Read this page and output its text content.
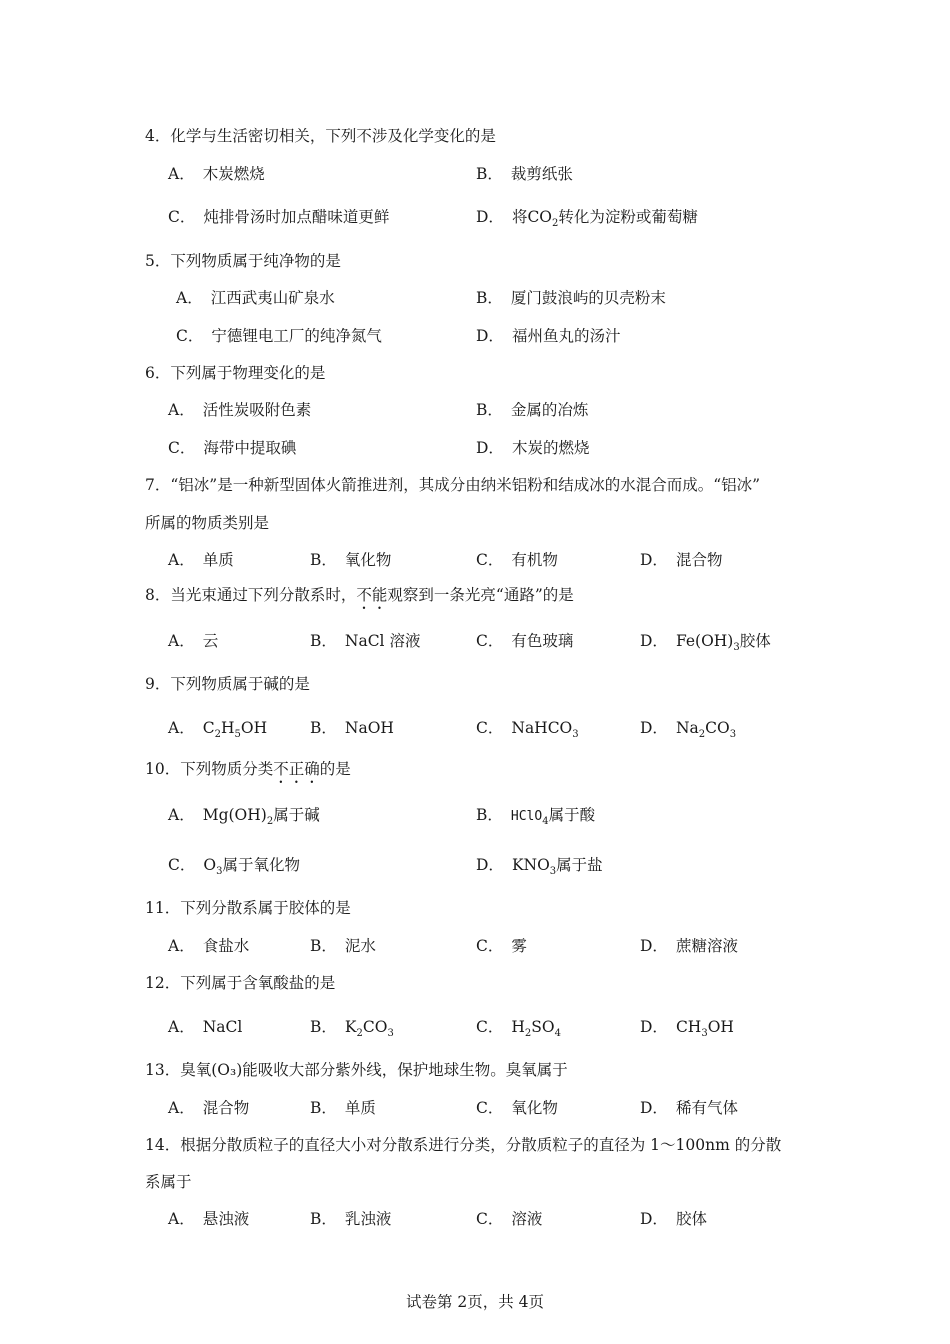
4．化学与生活密切相关，下列不涉及化学变化的是
A． 木炭燃烧	B． 裁剪纸张
C． 炖排骨汤时加点醋味道更鲜	D． 将$CO_2$转化为淀粉或葡萄糖
5．下列物质属于纯净物的是
A． 江西武夷山矿泉水	B． 厦门鼓浪屿的贝壳粉末
C． 宁德锂电工厂的纯净氮气	D． 福州鱼丸的汤汁
6．下列属于物理变化的是
A． 活性炭吸附色素	B． 金属的冶炼
C． 海带中提取碘	D． 木炭的燃烧
7．“铝冰”是一种新型固体火箭推进剂，其成分由纳米铝粉和结成冰的水混合而成。“铝冰”
所属的物质类别是
A． 单质	B． 氧化物	C． 有机物	D． 混合物
8．当光束通过下列分散系时，不能观察到一条光亮“通路”的是
A． 云	B． NaCl 溶液	C． 有色玻璃	D． $Fe(OH)_3$胶体
9．下列物质属于碱的是
A． $C_2H_5OH$	B． NaOH	C． NaHCO$_3$	D． $Na_2CO_3$
10．下列物质分类不正确的是
A． $Mg(OH)_2$属于碱	B． HClO$_4$属于酸
C． $O_3$属于氧化物	D． $KNO_3$属于盐
11．下列分散系属于胶体的是
A． 食盐水	B． 泥水	C． 雾	D． 蔗糖溶液
12．下列属于含氧酸盐的是
A． NaCl	B． $K_2CO_3$	C． $H_2SO_4$	D． $CH_3OH$
13．臭氧(O₃)能吸收大部分紫外线，保护地球生物。臭氧属于
A． 混合物	B． 单质	C． 氧化物	D． 稀有气体
14．根据分散质粒子的直径大小对分散系进行分类，分散质粒子的直径为 1～100nm 的分散
系属于
A． 悬浊液	B． 乳浊液	C． 溶液	D． 胶体
试卷第 2页，共 4页
